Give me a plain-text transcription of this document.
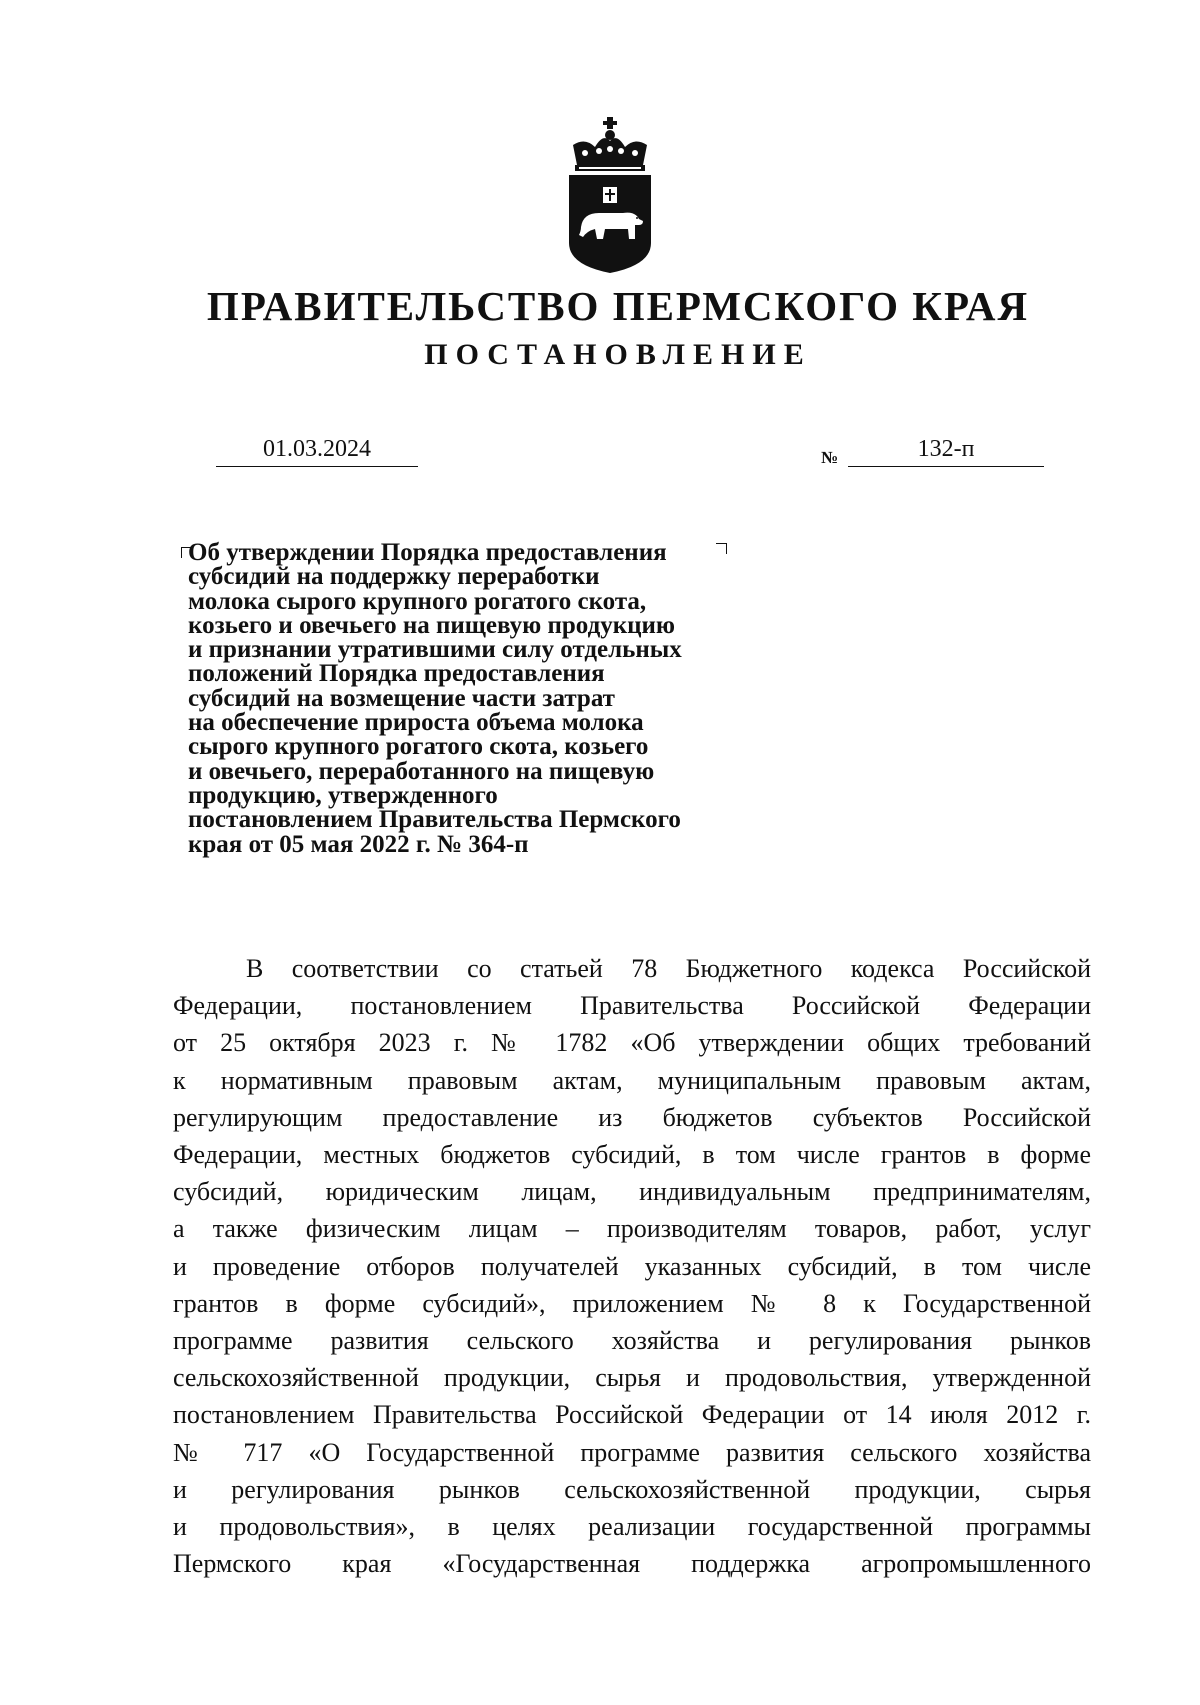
ПРАВИТЕЛЬСТВО ПЕРМСКОГО КРАЯ
ПОСТАНОВЛЕНИЕ
01.03.2024	№	132-п
Об утверждении Порядка предоставления
субсидий на поддержку переработки
молока сырого крупного рогатого скота,
козьего и овечьего на пищевую продукцию
и признании утратившими силу отдельных
положений Порядка предоставления
субсидий на возмещение части затрат
на обеспечение прироста объема молока
сырого крупного рогатого скота, козьего
и овечьего, переработанного на пищевую
продукцию, утвержденного
постановлением Правительства Пермского
края от 05 мая 2022 г. № 364-п
В соответствии со статьей 78 Бюджетного кодекса Российской
Федерации, постановлением Правительства Российской Федерации
от 25 октября 2023 г. № 1782 «Об утверждении общих требований
к нормативным правовым актам, муниципальным правовым актам,
регулирующим предоставление из бюджетов субъектов Российской
Федерации, местных бюджетов субсидий, в том числе грантов в форме
субсидий, юридическим лицам, индивидуальным предпринимателям,
а также физическим лицам – производителям товаров, работ, услуг
и проведение отборов получателей указанных субсидий, в том числе
грантов в форме субсидий», приложением № 8 к Государственной
программе развития сельского хозяйства и регулирования рынков
сельскохозяйственной продукции, сырья и продовольствия, утвержденной
постановлением Правительства Российской Федерации от 14 июля 2012 г.
№ 717 «О Государственной программе развития сельского хозяйства
и регулирования рынков сельскохозяйственной продукции, сырья
и продовольствия», в целях реализации государственной программы
Пермского края «Государственная поддержка агропромышленного
